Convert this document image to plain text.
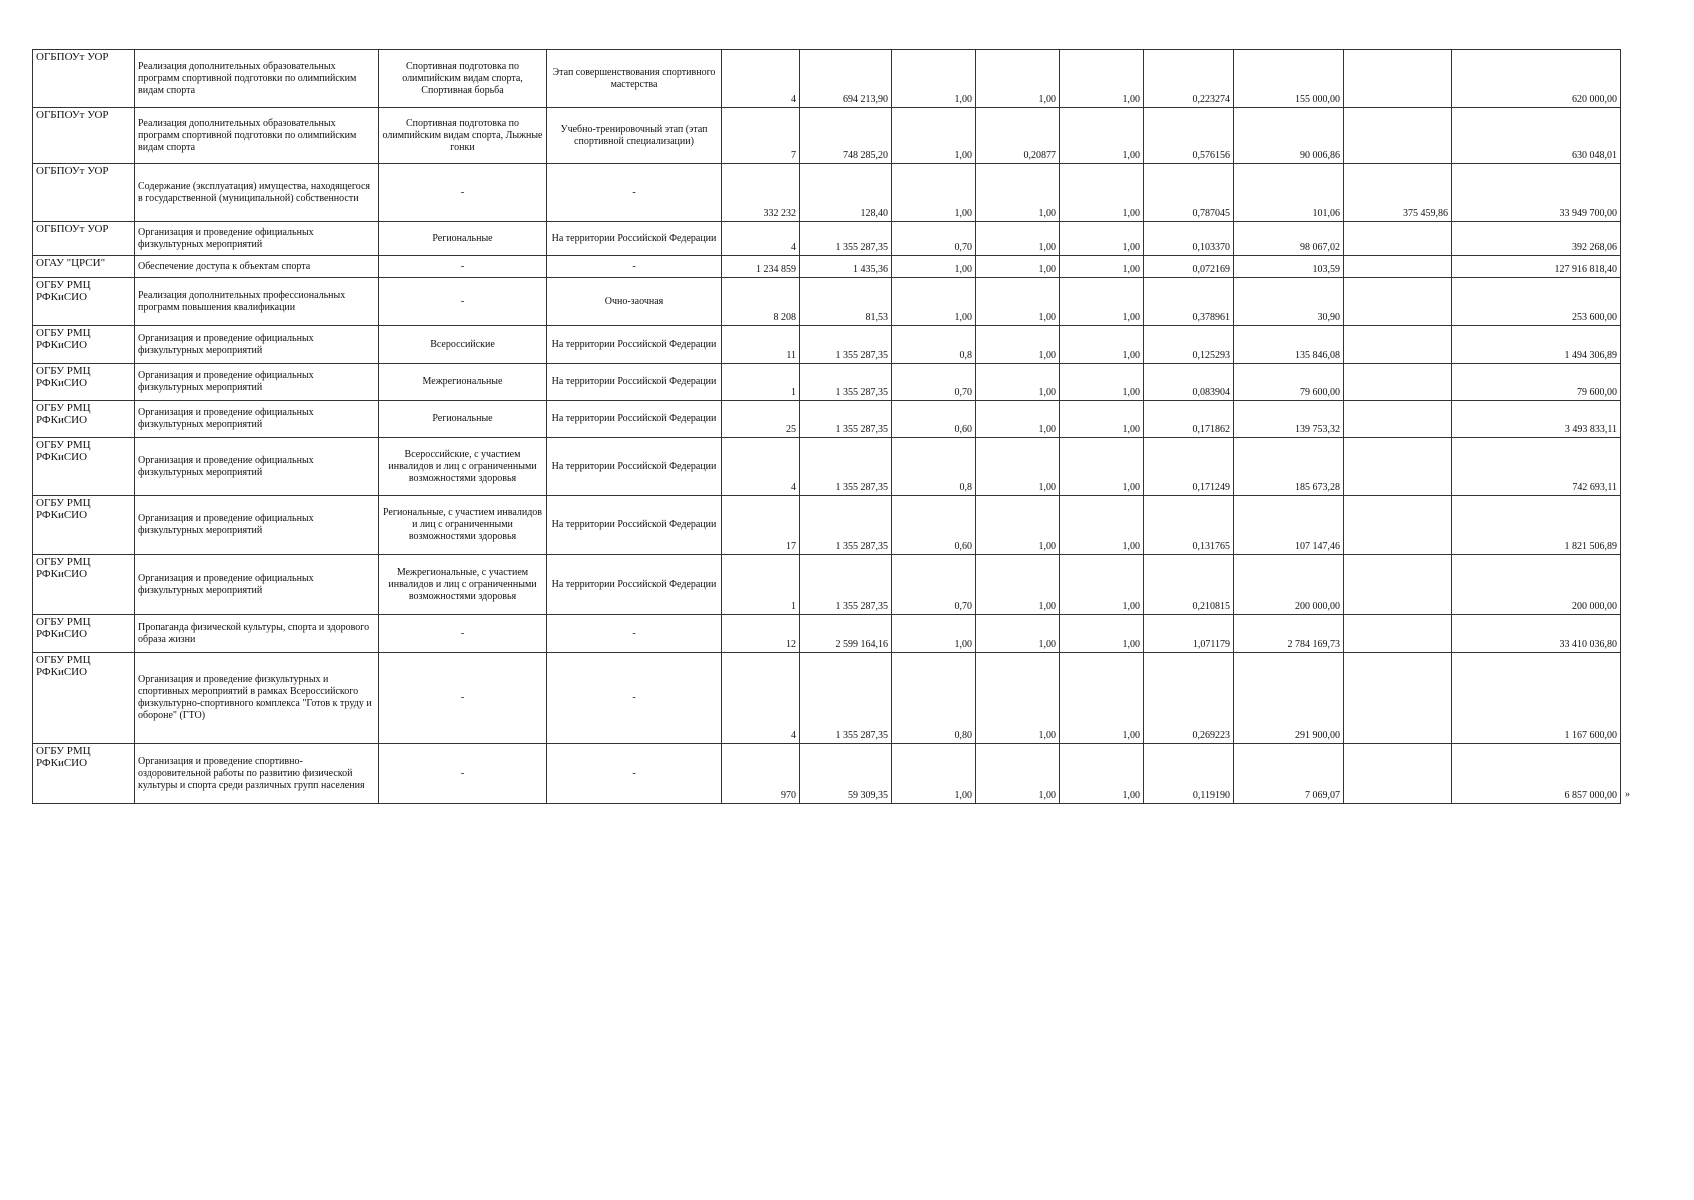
ОГБПОУт УОР	Реализация дополнительных образовательных программ спортивной подготовки по олимпийским видам спорта	Спортивная подготовка по олимпийским видам спорта, Спортивная борьба	Этап совершенствования спортивного мастерства	4	694 213,90	1,00	1,00	1,00	0,223274	155 000,00		620 000,00
ОГБПОУт УОР	Реализация дополнительных образовательных программ спортивной подготовки по олимпийским видам спорта	Спортивная подготовка по олимпийским видам спорта, Лыжные гонки	Учебно-тренировочный этап (этап спортивной специализации)	7	748 285,20	1,00	0,20877	1,00	0,576156	90 006,86		630 048,01
ОГБПОУт УОР	Содержание (эксплуатация) имущества, находящегося в государственной (муниципальной) собственности	-	-	332 232	128,40	1,00	1,00	1,00	0,787045	101,06	375 459,86	33 949 700,00
ОГБПОУт УОР	Организация и проведение официальных физкультурных мероприятий	Региональные	На территории Российской Федерации	4	1 355 287,35	0,70	1,00	1,00	0,103370	98 067,02		392 268,06
ОГАУ "ЦРСИ"	Обеспечение доступа к объектам спорта	-	-	1 234 859	1 435,36	1,00	1,00	1,00	0,072169	103,59		127 916 818,40
ОГБУ РМЦ РФКиСИО	Реализация дополнительных профессиональных программ повышения квалификации	-	Очно-заочная	8 208	81,53	1,00	1,00	1,00	0,378961	30,90		253 600,00
ОГБУ РМЦ РФКиСИО	Организация и проведение официальных физкультурных мероприятий	Всероссийские	На территории Российской Федерации	11	1 355 287,35	0,8	1,00	1,00	0,125293	135 846,08		1 494 306,89
ОГБУ РМЦ РФКиСИО	Организация и проведение официальных физкультурных мероприятий	Межрегиональные	На территории Российской Федерации	1	1 355 287,35	0,70	1,00	1,00	0,083904	79 600,00		79 600,00
ОГБУ РМЦ РФКиСИО	Организация и проведение официальных физкультурных мероприятий	Региональные	На территории Российской Федерации	25	1 355 287,35	0,60	1,00	1,00	0,171862	139 753,32		3 493 833,11
ОГБУ РМЦ РФКиСИО	Организация и проведение официальных физкультурных мероприятий	Всероссийские, с участием инвалидов и лиц с ограниченными возможностями здоровья	На территории Российской Федерации	4	1 355 287,35	0,8	1,00	1,00	0,171249	185 673,28		742 693,11
ОГБУ РМЦ РФКиСИО	Организация и проведение официальных физкультурных мероприятий	Региональные, с участием инвалидов и лиц с ограниченными возможностями здоровья	На территории Российской Федерации	17	1 355 287,35	0,60	1,00	1,00	0,131765	107 147,46		1 821 506,89
ОГБУ РМЦ РФКиСИО	Организация и проведение официальных физкультурных мероприятий	Межрегиональные, с участием инвалидов и лиц с ограниченными возможностями здоровья	На территории Российской Федерации	1	1 355 287,35	0,70	1,00	1,00	0,210815	200 000,00		200 000,00
ОГБУ РМЦ РФКиСИО	Пропаганда физической культуры, спорта и здорового образа жизни	-	-	12	2 599 164,16	1,00	1,00	1,00	1,071179	2 784 169,73		33 410 036,80
ОГБУ РМЦ РФКиСИО	Организация и проведение физкультурных и спортивных мероприятий в рамках Всероссийского физкультурно-спортивного комплекса "Готов к труду и обороне" (ГТО)	-	-	4	1 355 287,35	0,80	1,00	1,00	0,269223	291 900,00		1 167 600,00
ОГБУ РМЦ РФКиСИО	Организация и проведение спортивно-оздоровительной работы по развитию физической культуры и спорта среди различных групп населения	-	-	970	59 309,35	1,00	1,00	1,00	0,119190	7 069,07		6 857 000,00 »
